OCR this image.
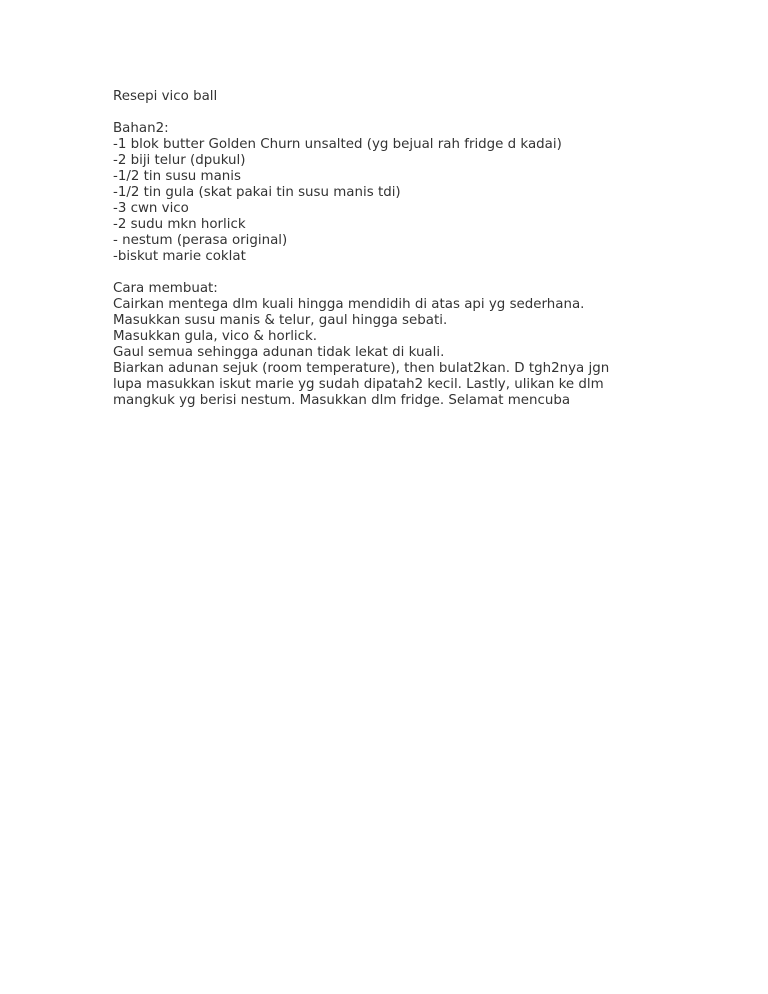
Resepi vico ball
Bahan2:
-1 blok butter Golden Churn unsalted (yg bejual rah fridge d kadai)
-2 biji telur (dpukul)
-1/2 tin susu manis
-1/2 tin gula (skat pakai tin susu manis tdi)
-3 cwn vico
-2 sudu mkn horlick
- nestum (perasa original)
-biskut marie coklat
Cara membuat:
Cairkan mentega dlm kuali hingga mendidih di atas api yg sederhana.
Masukkan susu manis & telur, gaul hingga sebati.
Masukkan gula, vico & horlick.
Gaul semua sehingga adunan tidak lekat di kuali.
Biarkan adunan sejuk (room temperature), then bulat2kan. D tgh2nya jgn
lupa masukkan iskut marie yg sudah dipatah2 kecil. Lastly, ulikan ke dlm
mangkuk yg berisi nestum. Masukkan dlm fridge. Selamat mencuba
